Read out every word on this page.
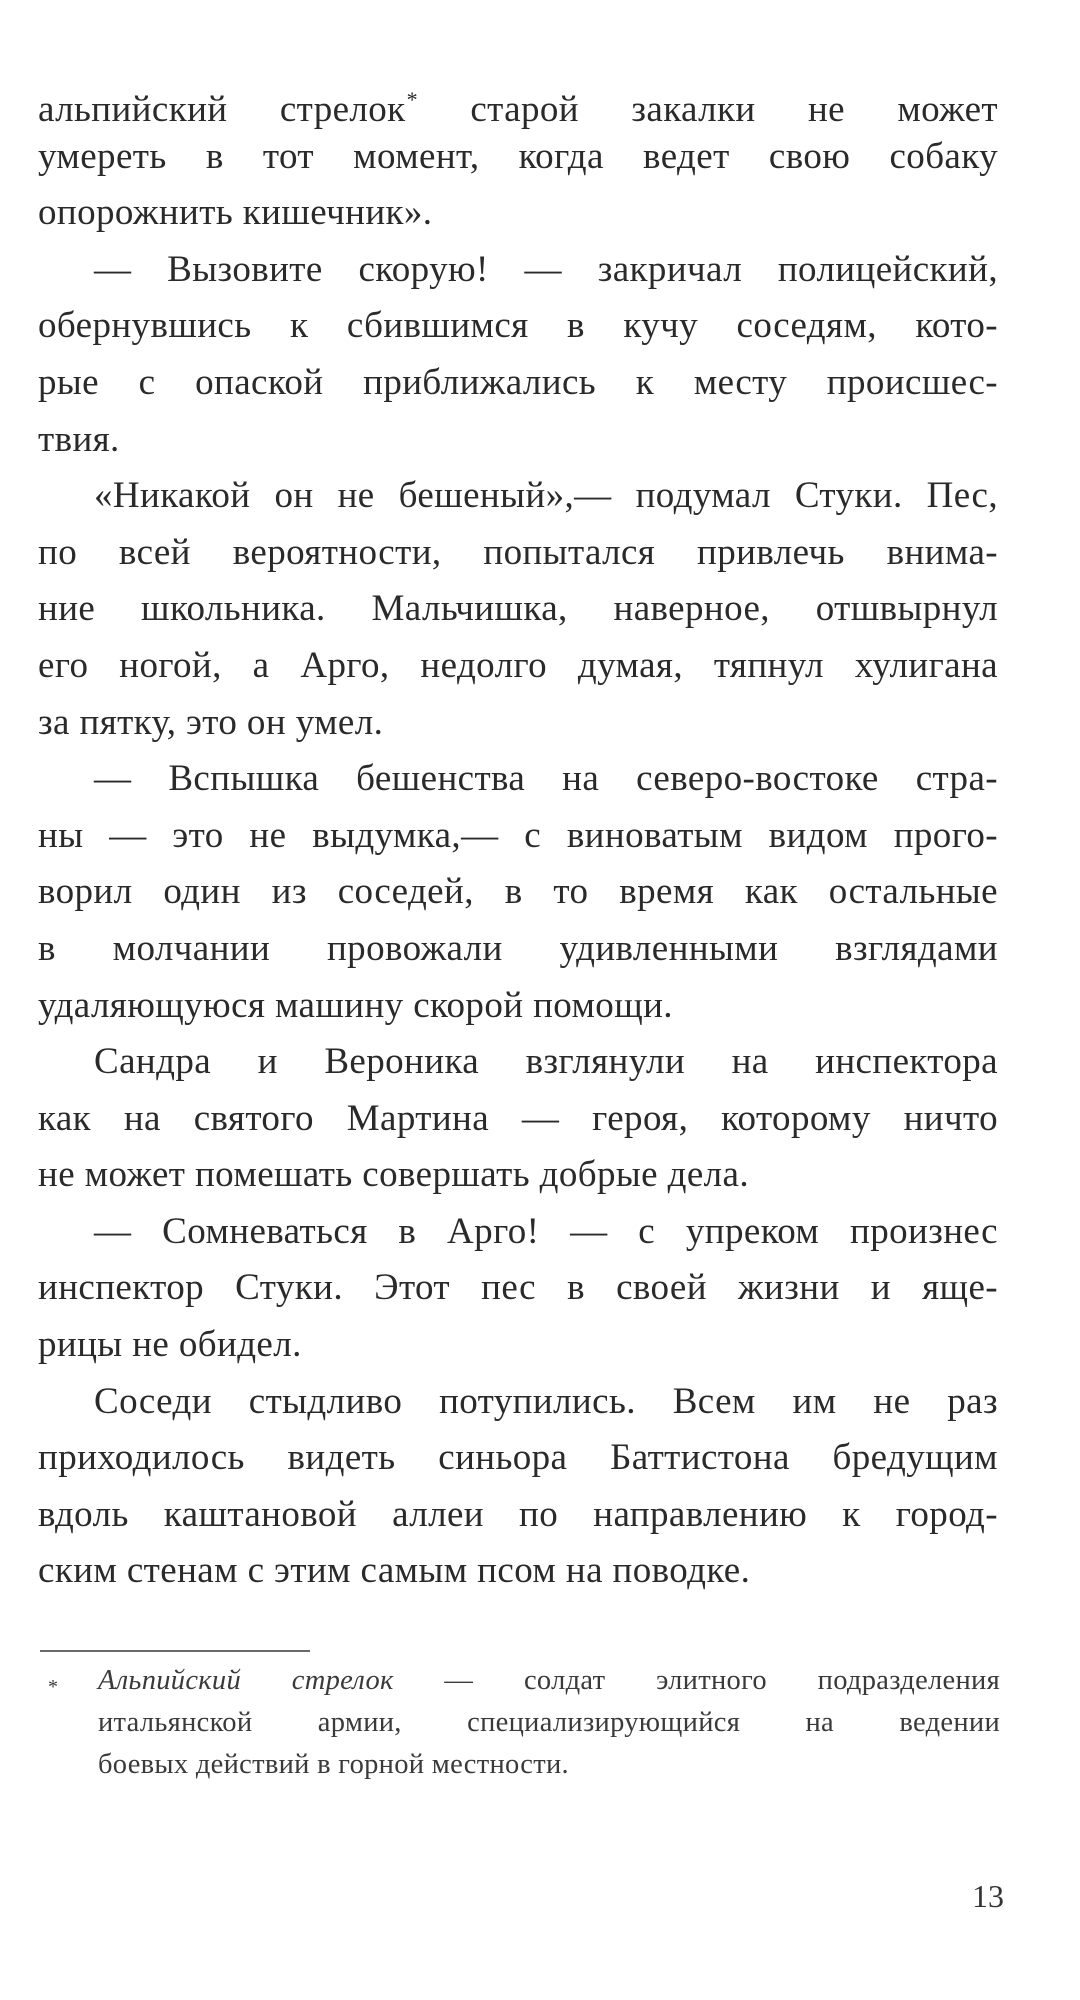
альпийский стрелок* старой закалки не может
умереть в тот момент, когда ведет свою собаку
опорожнить кишечник».
— Вызовите скорую! — закричал полицейский,
обернувшись к сбившимся в кучу соседям, кото-
рые с опаской приближались к месту происшес-
твия.
«Никакой он не бешеный»,— подумал Стуки. Пес,
по всей вероятности, попытался привлечь внима-
ние школьника. Мальчишка, наверное, отшвырнул
его ногой, а Арго, недолго думая, тяпнул хулигана
за пятку, это он умел.
— Вспышка бешенства на северо-востоке стра-
ны — это не выдумка,— с виноватым видом прого-
ворил один из соседей, в то время как остальные
в молчании провожали удивленными взглядами
удаляющуюся машину скорой помощи.
Сандра и Вероника взглянули на инспектора
как на святого Мартина — героя, которому ничто
не может помешать совершать добрые дела.
— Сомневаться в Арго! — с упреком произнес
инспектор Стуки. Этот пес в своей жизни и яще-
рицы не обидел.
Соседи стыдливо потупились. Всем им не раз
приходилось видеть синьора Баттистона бредущим
вдоль каштановой аллеи по направлению к город-
ским стенам с этим самым псом на поводке.
*	Альпийский стрелок — солдат элитного подразделения
итальянской армии, специализирующийся на ведении
боевых действий в горной местности.
13
